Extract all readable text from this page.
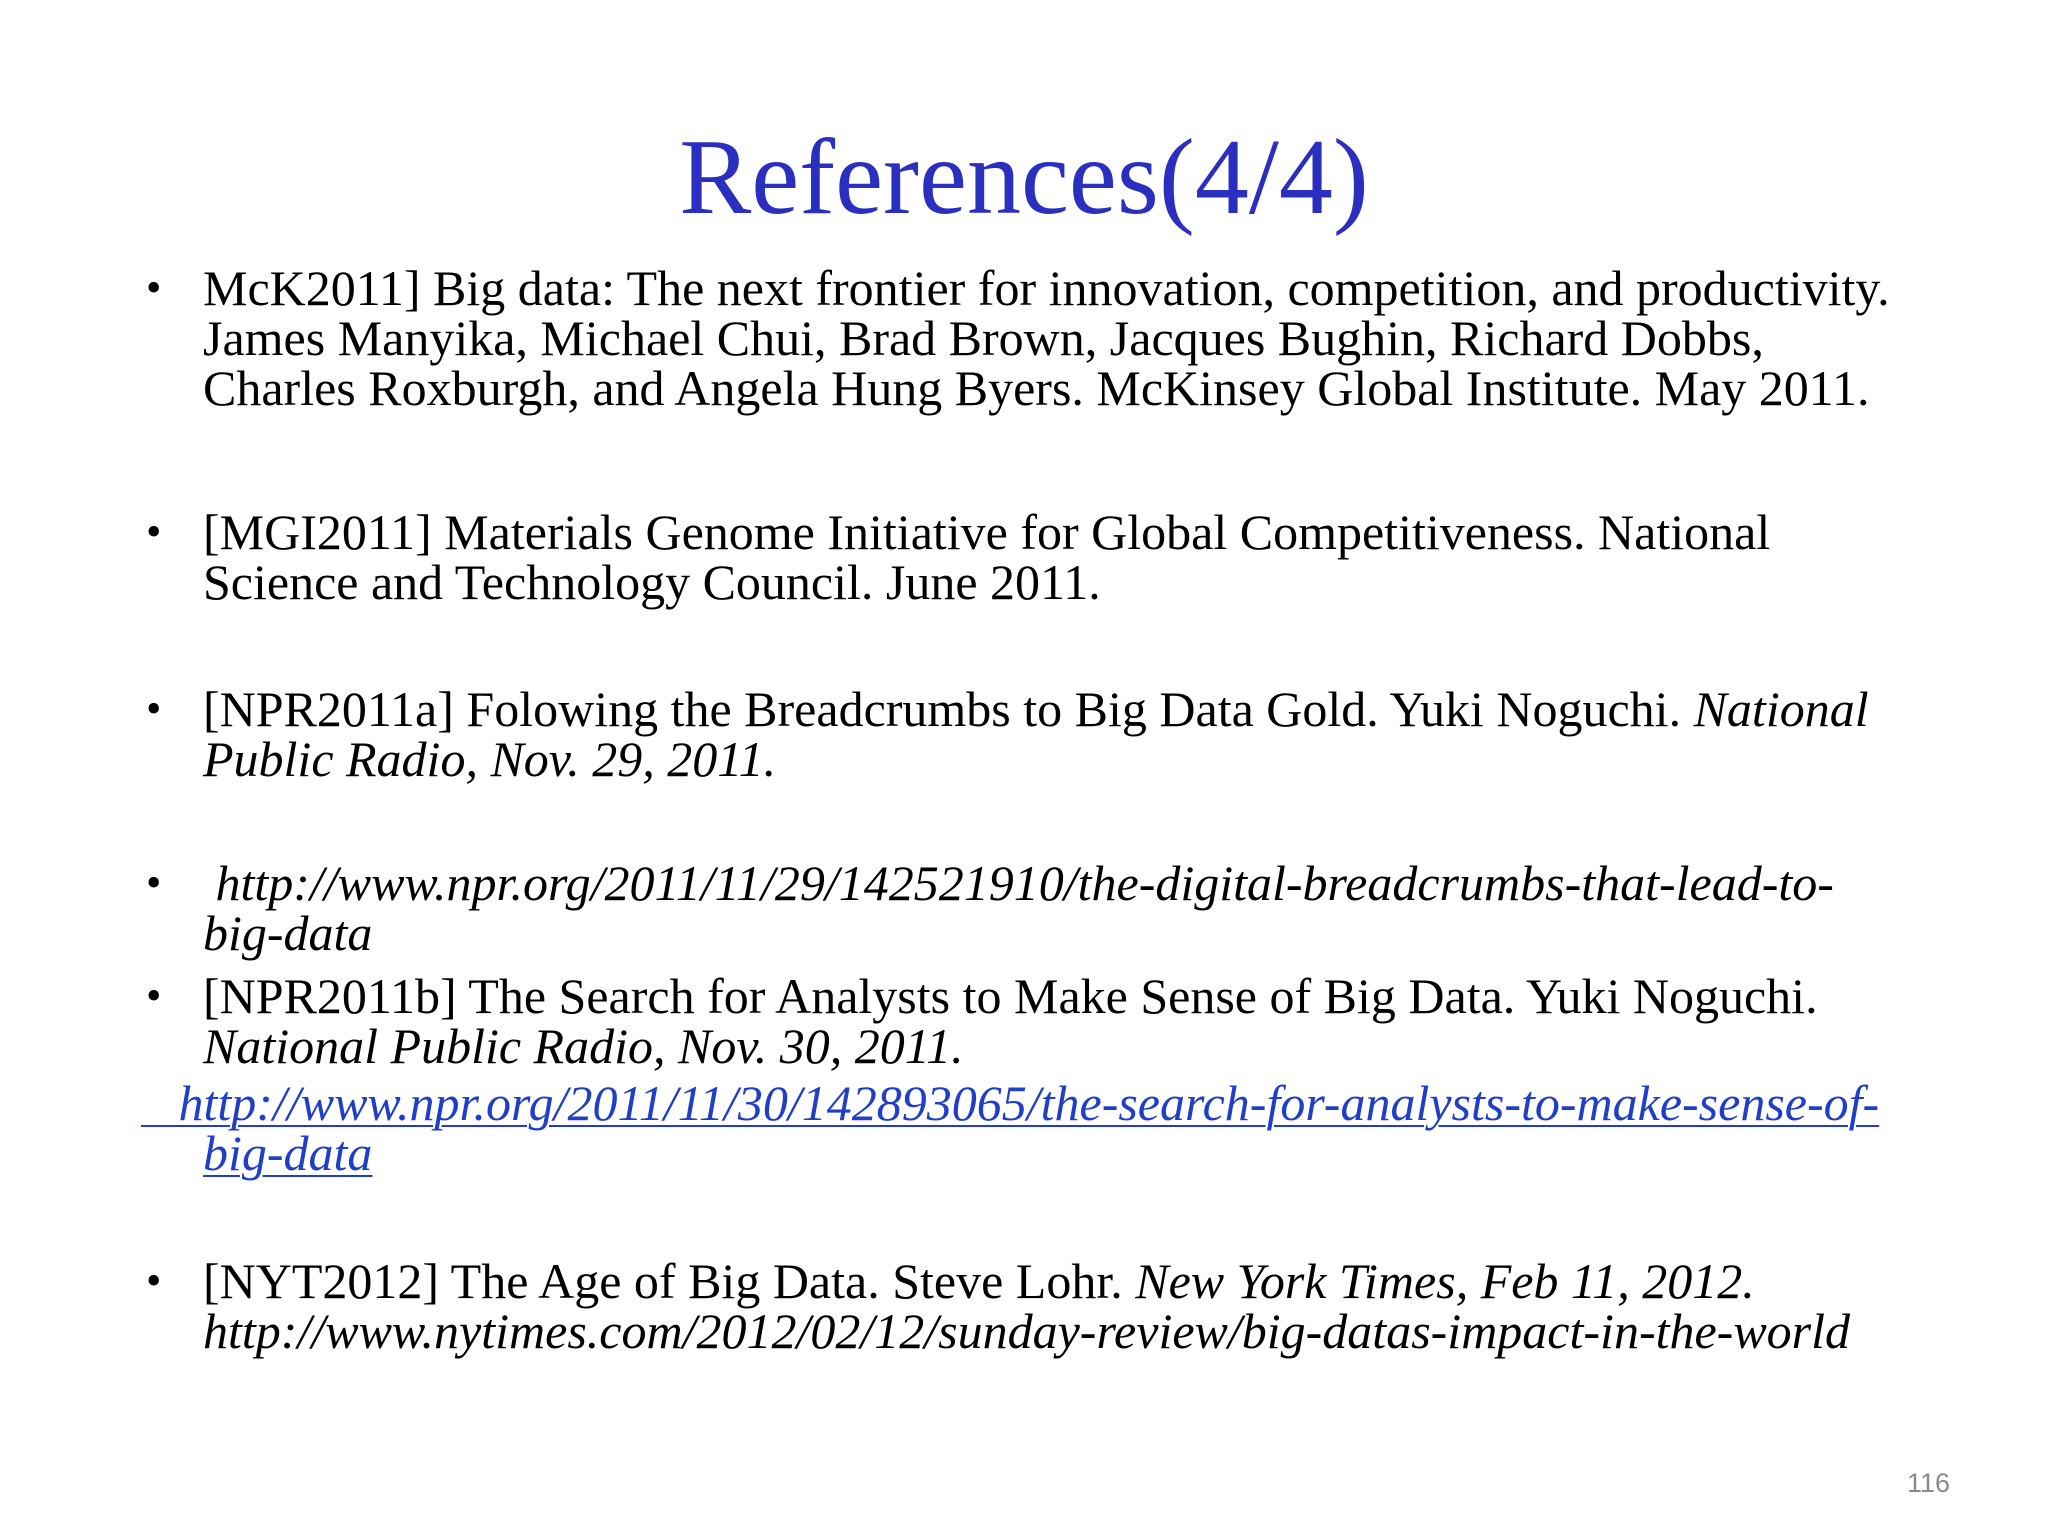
References(4/4)
• McK2011] Big data: The next frontier for innovation, competition, and productivity.
James Manyika, Michael Chui, Brad Brown, Jacques Bughin, Richard Dobbs,
Charles Roxburgh, and Angela Hung Byers. McKinsey Global Institute. May 2011.
• [MGI2011] Materials Genome Initiative for Global Competitiveness. National
Science and Technology Council. June 2011.
• [NPR2011a] Folowing the Breadcrumbs to Big Data Gold. Yuki Noguchi. National
Public Radio, Nov. 29, 2011.
• http://www.npr.org/2011/11/29/142521910/the-digital-breadcrumbs-that-lead-to-
big-data
• [NPR2011b] The Search for Analysts to Make Sense of Big Data. Yuki Noguchi.
National Public Radio, Nov. 30, 2011.
http://www.npr.org/2011/11/30/142893065/the-search-for-analysts-to-make-sense-of-
big-data
• [NYT2012] The Age of Big Data. Steve Lohr. New York Times, Feb 11, 2012.
http://www.nytimes.com/2012/02/12/sunday-review/big-datas-impact-in-the-world
116
